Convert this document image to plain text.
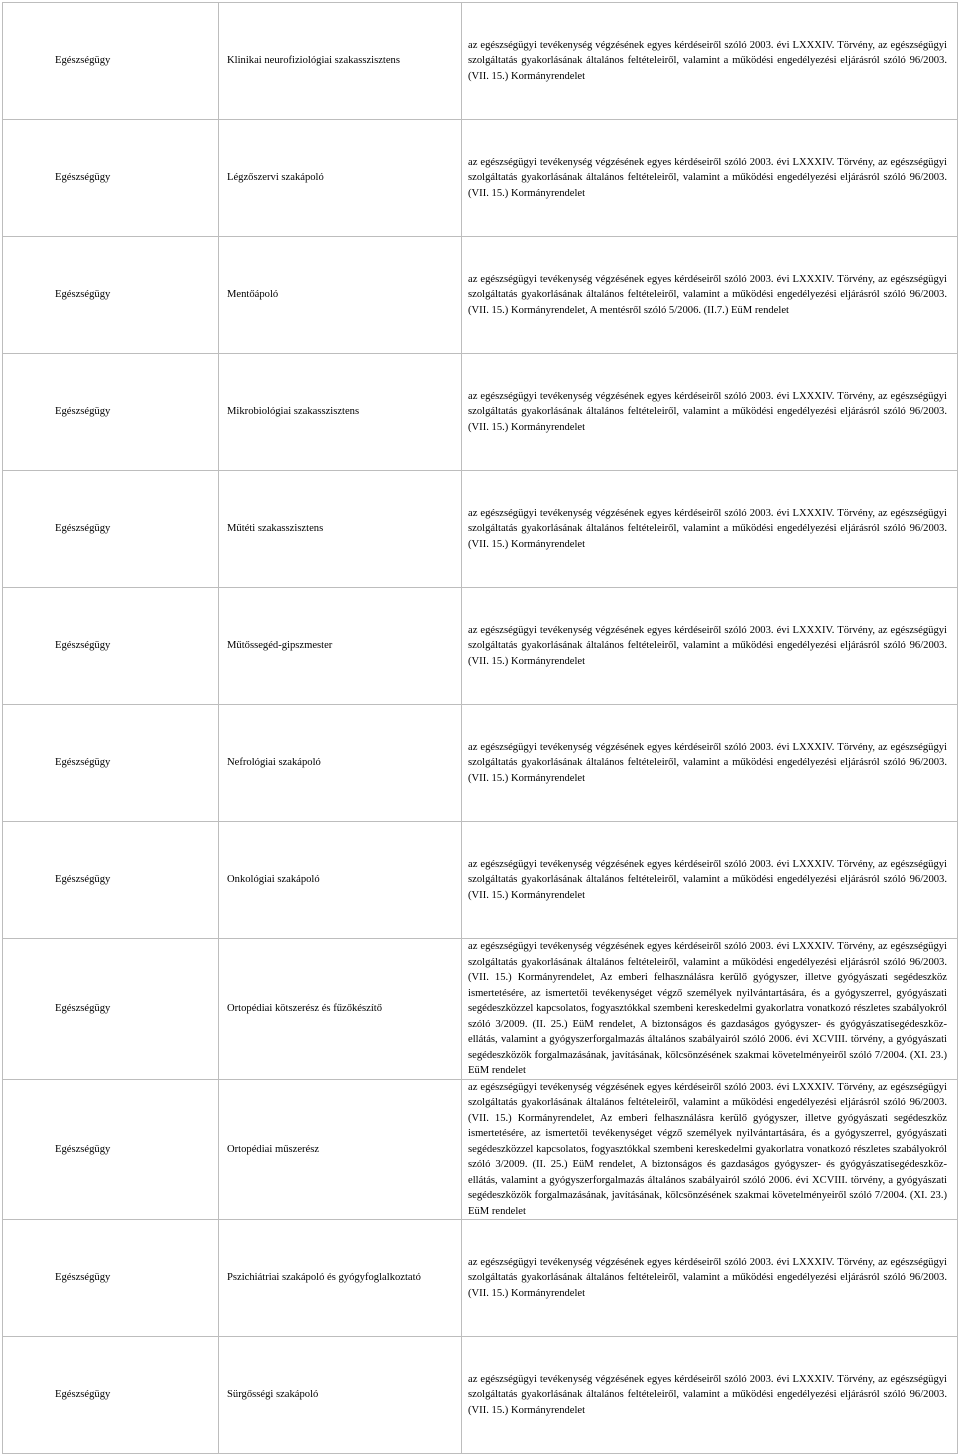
Egészségügy	Klinikai neurofiziológiai szakasszisztens	az egészségügyi tevékenység végzésének egyes kérdéseiről szóló 2003. évi LXXXIV. Törvény, az egészségügyi szolgáltatás gyakorlásának általános feltételeiről, valamint a működési engedélyezési eljárásról szóló 96/2003. (VII. 15.) Kormányrendelet
Egészségügy	Légzőszervi szakápoló	az egészségügyi tevékenység végzésének egyes kérdéseiről szóló 2003. évi LXXXIV. Törvény, az egészségügyi szolgáltatás gyakorlásának általános feltételeiről, valamint a működési engedélyezési eljárásról szóló 96/2003. (VII. 15.) Kormányrendelet
Egészségügy	Mentőápoló	az egészségügyi tevékenység végzésének egyes kérdéseiről szóló 2003. évi LXXXIV. Törvény, az egészségügyi szolgáltatás gyakorlásának általános feltételeiről, valamint a működési engedélyezési eljárásról szóló 96/2003. (VII. 15.) Kormányrendelet, A mentésről szóló 5/2006. (II.7.) EüM rendelet
Egészségügy	Mikrobiológiai szakasszisztens	az egészségügyi tevékenység végzésének egyes kérdéseiről szóló 2003. évi LXXXIV. Törvény, az egészségügyi szolgáltatás gyakorlásának általános feltételeiről, valamint a működési engedélyezési eljárásról szóló 96/2003. (VII. 15.) Kormányrendelet
Egészségügy	Műtéti szakasszisztens	az egészségügyi tevékenység végzésének egyes kérdéseiről szóló 2003. évi LXXXIV. Törvény, az egészségügyi szolgáltatás gyakorlásának általános feltételeiről, valamint a működési engedélyezési eljárásról szóló 96/2003. (VII. 15.) Kormányrendelet
Egészségügy	Műtőssegéd-gipszmester	az egészségügyi tevékenység végzésének egyes kérdéseiről szóló 2003. évi LXXXIV. Törvény, az egészségügyi szolgáltatás gyakorlásának általános feltételeiről, valamint a működési engedélyezési eljárásról szóló 96/2003. (VII. 15.) Kormányrendelet
Egészségügy	Nefrológiai szakápoló	az egészségügyi tevékenység végzésének egyes kérdéseiről szóló 2003. évi LXXXIV. Törvény, az egészségügyi szolgáltatás gyakorlásának általános feltételeiről, valamint a működési engedélyezési eljárásról szóló 96/2003. (VII. 15.) Kormányrendelet
Egészségügy	Onkológiai szakápoló	az egészségügyi tevékenység végzésének egyes kérdéseiről szóló 2003. évi LXXXIV. Törvény, az egészségügyi szolgáltatás gyakorlásának általános feltételeiről, valamint a működési engedélyezési eljárásról szóló 96/2003. (VII. 15.) Kormányrendelet
Egészségügy	Ortopédiai kötszerész és fűzőkészítő	az egészségügyi tevékenység végzésének egyes kérdéseiről szóló 2003. évi LXXXIV. Törvény, az egészségügyi szolgáltatás gyakorlásának általános feltételeiről, valamint a működési engedélyezési eljárásról szóló 96/2003. (VII. 15.) Kormányrendelet, Az emberi felhasználásra kerülő gyógyszer, illetve gyógyászati segédeszköz ismertetésére, az ismertetői tevékenységet végző személyek nyilvántartására, és a gyógyszerrel, gyógyászati segédeszközzel kapcsolatos, fogyasztókkal szembeni kereskedelmi gyakorlatra vonatkozó részletes szabályokról szóló 3/2009. (II. 25.) EüM rendelet, A biztonságos és gazdaságos gyógyszer- és gyógyászatisegédeszköz-ellátás, valamint a gyógyszerforgalmazás általános szabályairól szóló 2006. évi XCVIII. törvény, a gyógyászati segédeszközök forgalmazásának, javításának, kölcsönzésének szakmai követelményeiről szóló 7/2004. (XI. 23.) EüM rendelet
Egészségügy	Ortopédiai műszerész	az egészségügyi tevékenység végzésének egyes kérdéseiről szóló 2003. évi LXXXIV. Törvény, az egészségügyi szolgáltatás gyakorlásának általános feltételeiről, valamint a működési engedélyezési eljárásról szóló 96/2003. (VII. 15.) Kormányrendelet, Az emberi felhasználásra kerülő gyógyszer, illetve gyógyászati segédeszköz ismertetésére, az ismertetői tevékenységet végző személyek nyilvántartására, és a gyógyszerrel, gyógyászati segédeszközzel kapcsolatos, fogyasztókkal szembeni kereskedelmi gyakorlatra vonatkozó részletes szabályokról szóló 3/2009. (II. 25.) EüM rendelet, A biztonságos és gazdaságos gyógyszer- és gyógyászatisegédeszköz-ellátás, valamint a gyógyszerforgalmazás általános szabályairól szóló 2006. évi XCVIII. törvény, a gyógyászati segédeszközök forgalmazásának, javításának, kölcsönzésének szakmai követelményeiről szóló 7/2004. (XI. 23.) EüM rendelet
Egészségügy	Pszichiátriai szakápoló és gyógyfoglalkoztató	az egészségügyi tevékenység végzésének egyes kérdéseiről szóló 2003. évi LXXXIV. Törvény, az egészségügyi szolgáltatás gyakorlásának általános feltételeiről, valamint a működési engedélyezési eljárásról szóló 96/2003. (VII. 15.) Kormányrendelet
Egészségügy	Sürgősségi szakápoló	az egészségügyi tevékenység végzésének egyes kérdéseiről szóló 2003. évi LXXXIV. Törvény, az egészségügyi szolgáltatás gyakorlásának általános feltételeiről, valamint a működési engedélyezési eljárásról szóló 96/2003. (VII. 15.) Kormányrendelet
